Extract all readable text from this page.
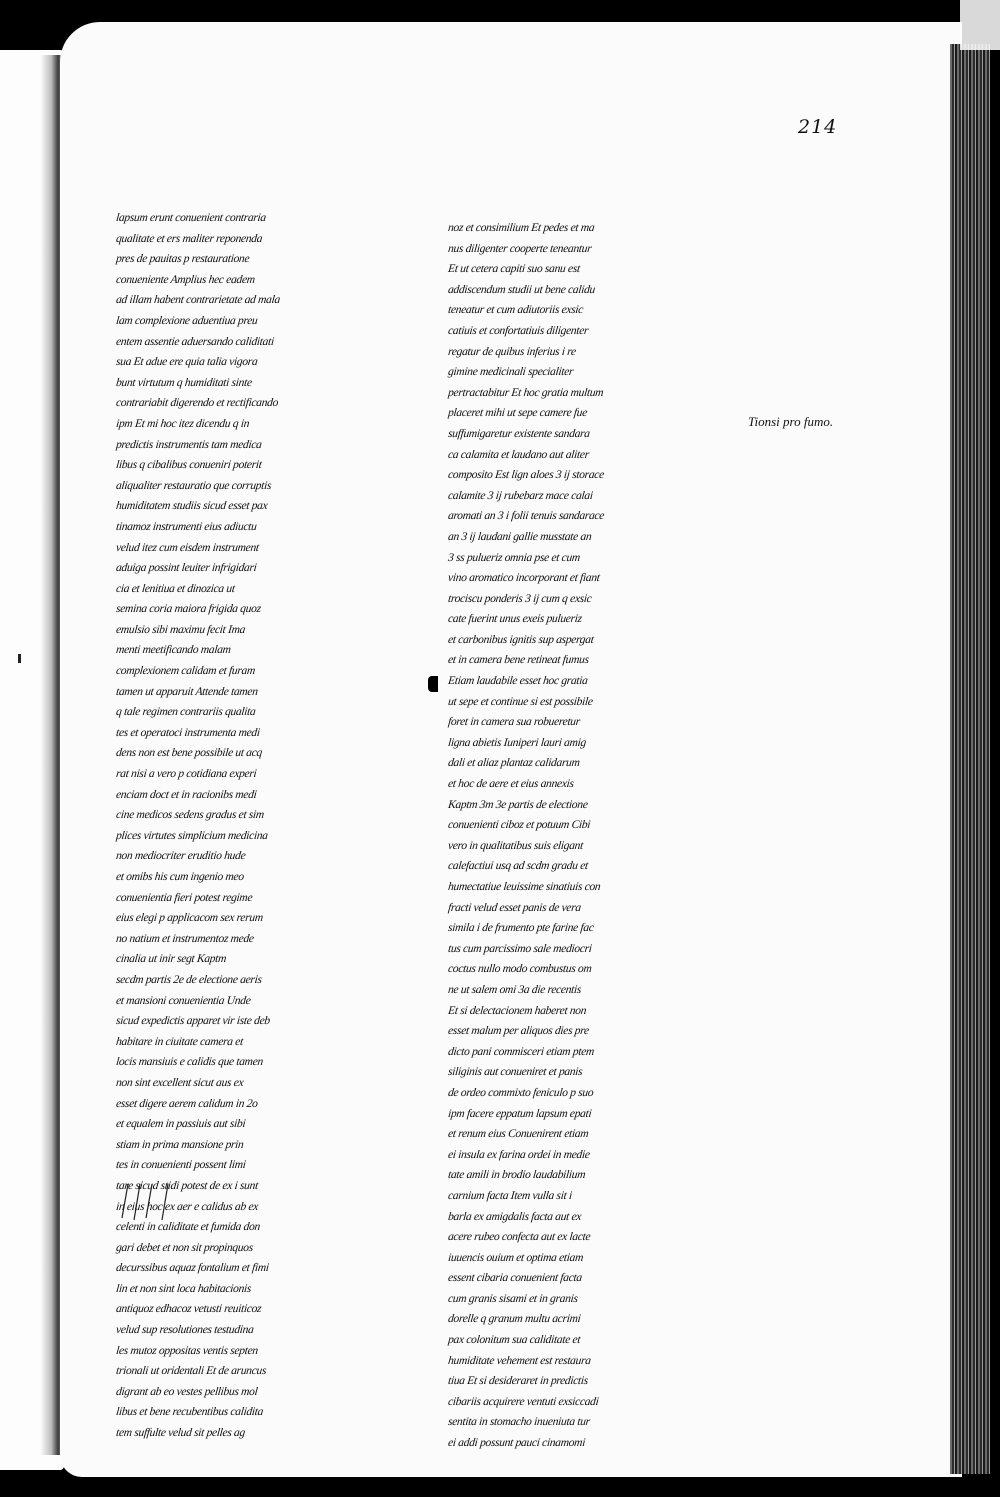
214
lapsum erunt conuenient contraria
qualitate et ers maliter reponenda
pres de pauitas p restauratione
conueniente Amplius hec eadem
ad illam habent contrarietate ad mala
lam complexione aduentiua preu
entem assentie aduersando caliditati
sua Et adue ere quia talia vigora
bunt virtutum q humiditati sinte
contrariabit digerendo et rectificando
ipm Et mi hoc itez dicendu q in
predictis instrumentis tam medica
libus q cibalibus conueniri poterit
aliqualiter restauratio que corruptis
humiditatem studiis sicud esset pax
tinamoz instrumenti eius adiuctu
velud itez cum eisdem instrument
aduiga possint leuiter infrigidari
cia et lenitiua et dinozica ut
semina coria maiora frigida quoz
emulsio sibi maximu fecit Ima
menti meetificando malam
complexionem calidam et furam
tamen ut apparuit Attende tamen
q tale regimen contrariis qualita
tes et operatoci instrumenta medi
dens non est bene possibile ut acq
rat nisi a vero p cotidiana experi
enciam doct et in racionibs medi
cine medicos sedens gradus et sim
plices virtutes simplicium medicina
non mediocriter eruditio hude
et omibs his cum ingenio meo
conuenientia fieri potest regime
eius elegi p applicacom sex rerum
no natium et instrumentoz mede
cinalia ut inir segt Kaptm
secdm partis 2e de electione aeris
et mansioni conuenientia Unde
sicud expedictis apparet vir iste deb
habitare in ciuitate camera et
locis mansiuis e calidis que tamen
non sint excellent sicut aus ex
esset digere aerem calidum in 2o
et equalem in passiuis aut sibi
stiam in prima mansione prin
tes in conuenienti possent limi
tare sicud stidi potest de ex i sunt
in eius hoc ex aer e calidus ab ex
celenti in caliditate et fumida don
gari debet et non sit propinquos
decurssibus aquaz fontalium et fimi
lin et non sint loca habitacionis
antiquoz edhacoz vetusti reuiticoz
velud sup resolutiones testudina
les mutoz oppositas ventis septen
trionali ut oridentali Et de aruncus
digrant ab eo vestes pellibus mol
libus et bene recubentibus calidita
tem suffulte velud sit pelles ag
noz et consimilium Et pedes et ma
nus diligenter cooperte teneantur
Et ut cetera capiti suo sanu est
addiscendum studii ut bene calidu
teneatur et cum adiutoriis exsic
catiuis et confortatiuis diligenter
regatur de quibus inferius i re
gimine medicinali specialiter
pertractabitur Et hoc gratia multum
placeret mihi ut sepe camere fue
suffumigaretur existente sandara
ca calamita et laudano aut aliter
composito Est lign aloes 3 ij storace
calamite 3 ij rubebarz mace calai
aromati an 3 i folii tenuis sandarace
an 3 ij laudani gallie musstate an
3 ss pulueriz omnia pse et cum
vino aromatico incorporant et fiant
trociscu ponderis 3 ij cum q exsic
cate fuerint unus exeis pulueriz
et carbonibus ignitis sup aspergat
et in camera bene retineat fumus
Etiam laudabile esset hoc gratia
ut sepe et continue si est possibile
foret in camera sua robueretur
ligna abietis Iuniperi lauri amig
dali et aliaz plantaz calidarum
et hoc de aere et eius annexis
Kaptm 3m 3e partis de electione
conuenienti ciboz et potuum Cibi
vero in qualitatibus suis eligant
calefactiui usq ad scdm gradu et
humectatiue leuissime sinatiuis con
fracti velud esset panis de vera
simila i de frumento pte farine fac
tus cum parcissimo sale mediocri
coctus nullo modo combustus om
ne ut salem omi 3a die recentis
Et si delectacionem haberet non
esset malum per aliquos dies pre
dicto pani commisceri etiam ptem
siliginis aut conueniret et panis
de ordeo commixto feniculo p suo
ipm facere eppatum lapsum epati
et renum eius Conuenirent etiam
ei insula ex farina ordei in medie
tate amili in brodio laudabilium
carnium facta Item vulla sit i
barla ex amigdalis facta aut ex
acere rubeo confecta aut ex lacte
iuuencis ouium et optima etiam
essent cibaria conuenient facta
cum granis sisami et in granis
dorelle q granum multu acrimi
pax colonitum sua caliditate et
humiditate vehement est restaura
tiua Et si desideraret in predictis
cibariis acquirere ventuti exsiccadi
sentita in stomacho inueniuta tur
ei addi possunt pauci cinamomi
Tionsi pro fumo.
